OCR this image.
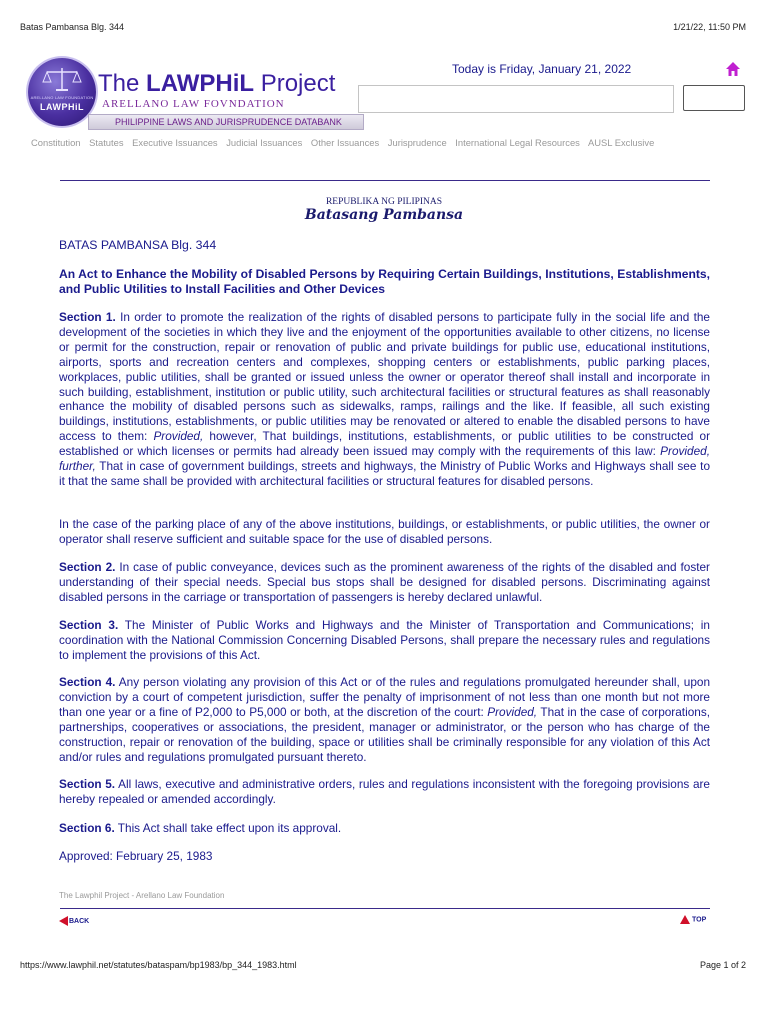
Batas Pambansa Blg. 344	1/21/22, 11:50 PM
ARELLANO LAW FOUNDATION
LAWPHiL
The LAWPHiL Project
ARELLANO LAW FOVNDATION
PHILIPPINE LAWS AND JURISPRUDENCE DATABANK
Today is Friday, January 21, 2022
Constitution Statutes Executive Issuances Judicial Issuances Other Issuances Jurisprudence International Legal Resources AUSL Exclusive
REPUBLIKA NG PILIPINAS
Batasang Pambansa
BATAS PAMBANSA Blg. 344
An Act to Enhance the Mobility of Disabled Persons by Requiring Certain Buildings, Institutions, Establishments, and Public Utilities to Install Facilities and Other Devices

Section 1. In order to promote the realization of the rights of disabled persons to participate fully in the social life and the development of the societies in which they live and the enjoyment of the opportunities available to other citizens, no license or permit for the construction, repair or renovation of public and private buildings for public use, educational institutions, airports, sports and recreation centers and complexes, shopping centers or establishments, public parking places, workplaces, public utilities, shall be granted or issued unless the owner or operator thereof shall install and incorporate in such building, establishment, institution or public utility, such architectural facilities or structural features as shall reasonably enhance the mobility of disabled persons such as sidewalks, ramps, railings and the like. If feasible, all such existing buildings, institutions, establishments, or public utilities may be renovated or altered to enable the disabled persons to have access to them: Provided, however, That buildings, institutions, establishments, or public utilities to be constructed or established or which licenses or permits had already been issued may comply with the requirements of this law: Provided, further, That in case of government buildings, streets and highways, the Ministry of Public Works and Highways shall see to it that the same shall be provided with architectural facilities or structural features for disabled persons.

In the case of the parking place of any of the above institutions, buildings, or establishments, or public utilities, the owner or operator shall reserve sufficient and suitable space for the use of disabled persons.

Section 2. In case of public conveyance, devices such as the prominent awareness of the rights of the disabled and foster understanding of their special needs. Special bus stops shall be designed for disabled persons. Discriminating against disabled persons in the carriage or transportation of passengers is hereby declared unlawful.

Section 3. The Minister of Public Works and Highways and the Minister of Transportation and Communications; in coordination with the National Commission Concerning Disabled Persons, shall prepare the necessary rules and regulations to implement the provisions of this Act.

Section 4. Any person violating any provision of this Act or of the rules and regulations promulgated hereunder shall, upon conviction by a court of competent jurisdiction, suffer the penalty of imprisonment of not less than one month but not more than one year or a fine of P2,000 to P5,000 or both, at the discretion of the court: Provided, That in the case of corporations, partnerships, cooperatives or associations, the president, manager or administrator, or the person who has charge of the construction, repair or renovation of the building, space or utilities shall be criminally responsible for any violation of this Act and/or rules and regulations promulgated pursuant thereto.

Section 5. All laws, executive and administrative orders, rules and regulations inconsistent with the foregoing provisions are hereby repealed or amended accordingly.

Section 6. This Act shall take effect upon its approval.

Approved: February 25, 1983
The Lawphil Project - Arellano Law Foundation
BACK	TOP
https://www.lawphil.net/statutes/bataspam/bp1983/bp_344_1983.html	Page 1 of 2
